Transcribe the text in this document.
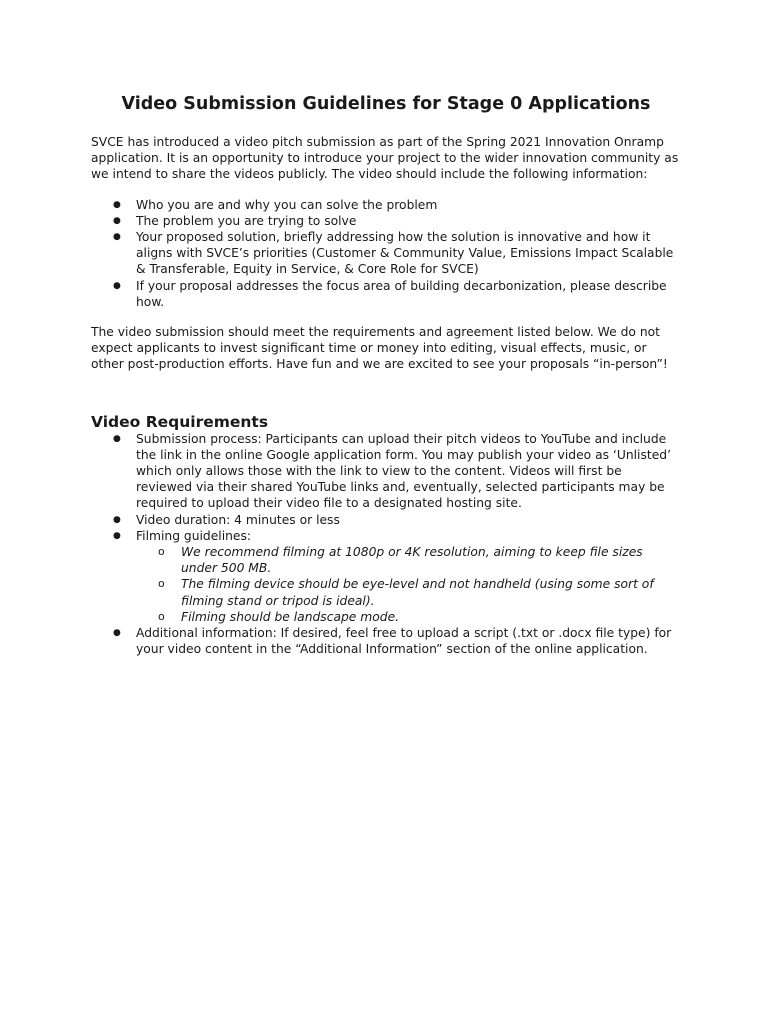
Video Submission Guidelines for Stage 0 Applications

SVCE has introduced a video pitch submission as part of the Spring 2021 Innovation Onramp application. It is an opportunity to introduce your project to the wider innovation community as we intend to share the videos publicly. The video should include the following information:

● Who you are and why you can solve the problem
● The problem you are trying to solve
● Your proposed solution, briefly addressing how the solution is innovative and how it aligns with SVCE’s priorities (Customer & Community Value, Emissions Impact Scalable & Transferable, Equity in Service, & Core Role for SVCE)
● If your proposal addresses the focus area of building decarbonization, please describe how.

The video submission should meet the requirements and agreement listed below. We do not expect applicants to invest significant time or money into editing, visual effects, music, or other post-production efforts. Have fun and we are excited to see your proposals “in-person”!

Video Requirements
● Submission process: Participants can upload their pitch videos to YouTube and include the link in the online Google application form. You may publish your video as ‘Unlisted’ which only allows those with the link to view to the content. Videos will first be reviewed via their shared YouTube links and, eventually, selected participants may be required to upload their video file to a designated hosting site.
● Video duration: 4 minutes or less
● Filming guidelines:
o We recommend filming at 1080p or 4K resolution, aiming to keep file sizes under 500 MB.
o The filming device should be eye-level and not handheld (using some sort of filming stand or tripod is ideal).
o Filming should be landscape mode.
● Additional information: If desired, feel free to upload a script (.txt or .docx file type) for your video content in the “Additional Information” section of the online application.
